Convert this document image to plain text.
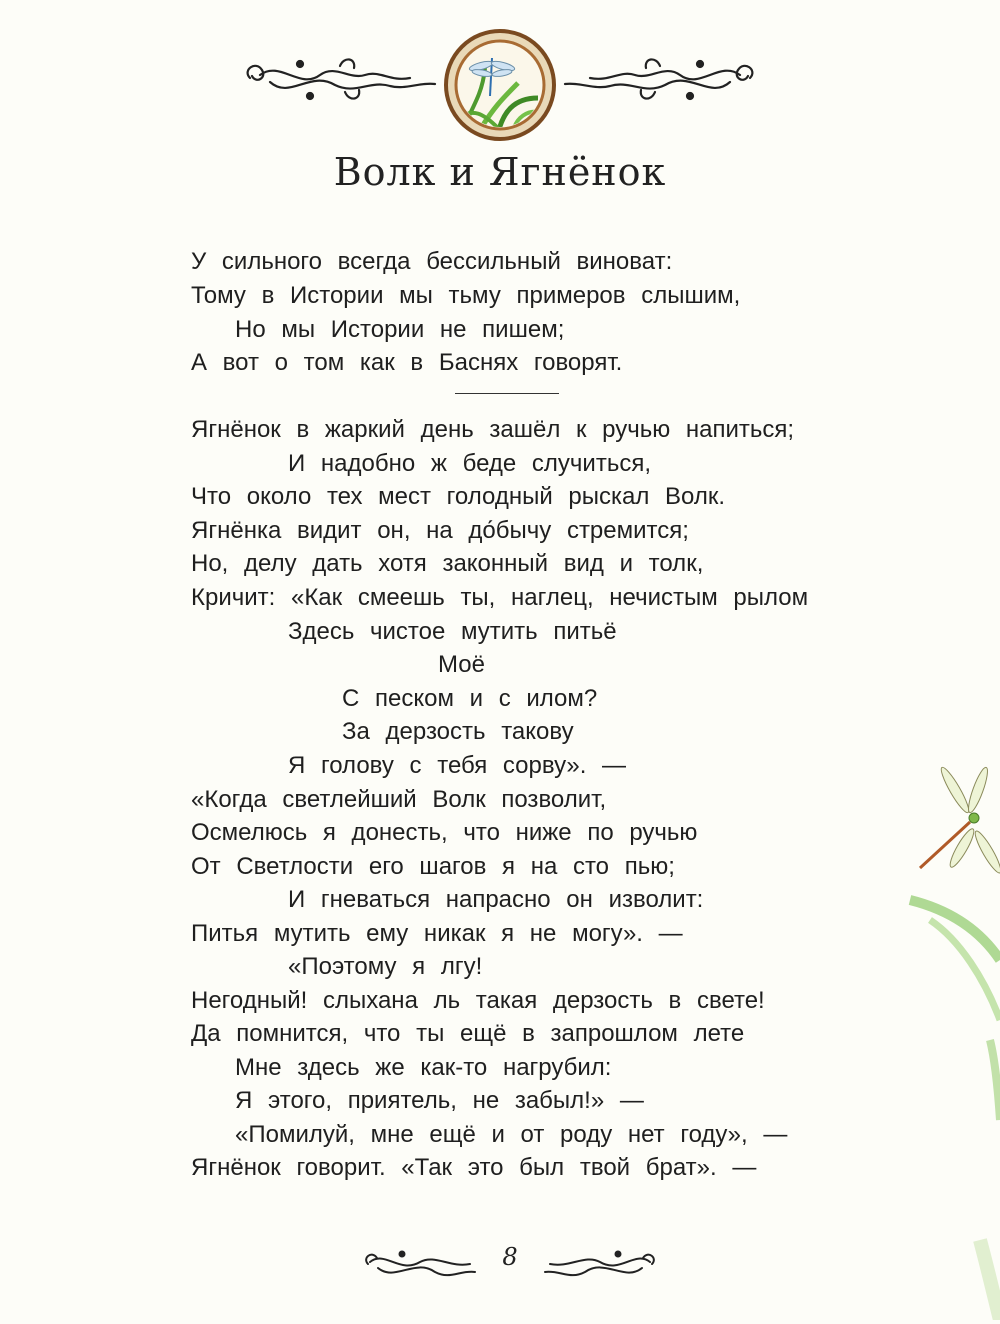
Волк и Ягнёнок
У сильного всегда бессильный виноват:
Тому в Истории мы тьму примеров слышим,
Но мы Истории не пишем;
А вот о том как в Баснях говорят.
Ягнёнок в жаркий день зашёл к ручью напиться;
И надобно ж беде случиться,
Что около тех мест голодный рыскал Волк.
Ягнёнка видит он, на до́бычу стремится;
Но, делу дать хотя законный вид и толк,
Кричит: «Как смеешь ты, наглец, нечистым рылом
Здесь чистое мутить питьё
Моё
С песком и с илом?
За дерзость такову
Я голову с тебя сорву». —
«Когда светлейший Волк позволит,
Осмелюсь я донесть, что ниже по ручью
От Светлости его шагов я на сто пью;
И гневаться напрасно он изволит:
Питья мутить ему никак я не могу». —
«Поэтому я лгу!
Негодный! слыхана ль такая дерзость в свете!
Да помнится, что ты ещё в запрошлом лете
Мне здесь же как-то нагрубил:
Я этого, приятель, не забыл!» —
«Помилуй, мне ещё и от роду нет году», —
Ягнёнок говорит. «Так это был твой брат». —
8
